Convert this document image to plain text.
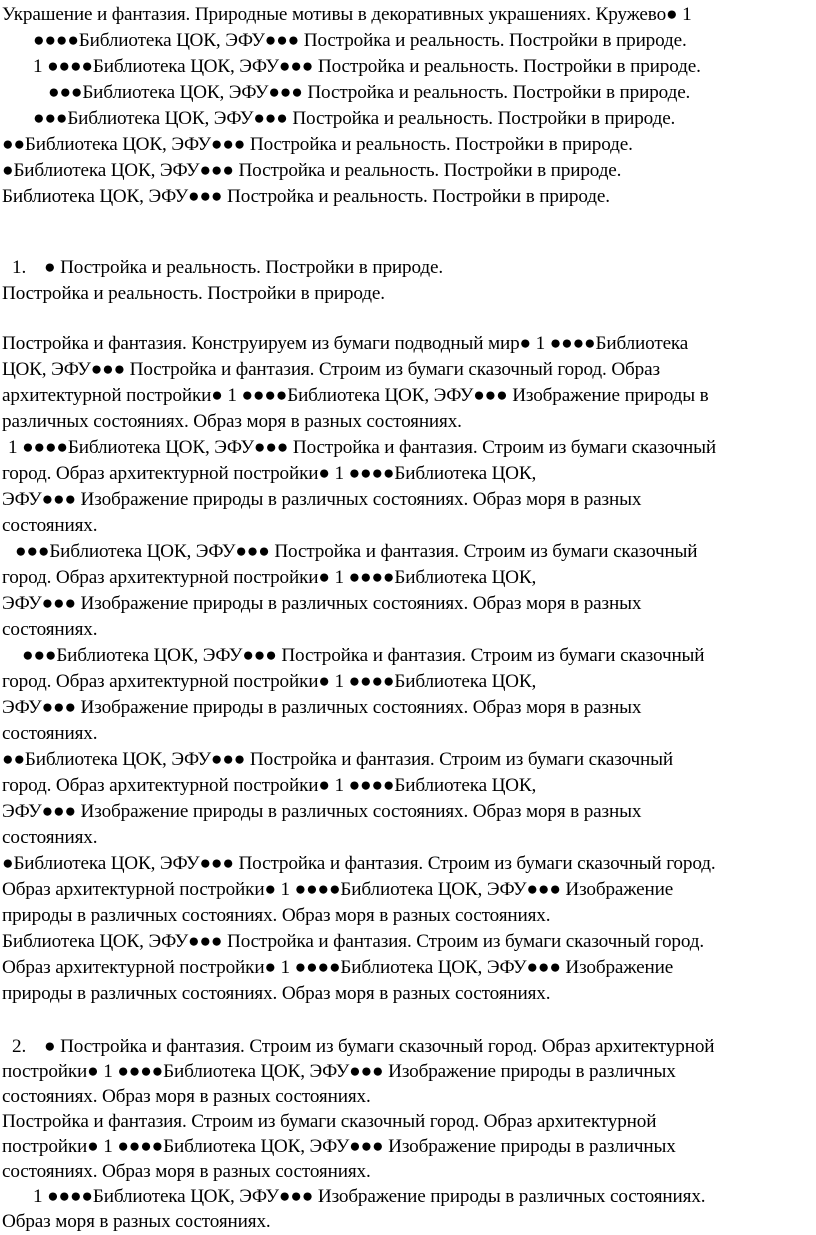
Украшение и фантазия. Природные мотивы в декоративных украшениях. Кружево● 1
●●●●Библиотека ЦОК, ЭФУ●●● Постройка и реальность. Постройки в природе.
1 ●●●●Библиотека ЦОК, ЭФУ●●● Постройка и реальность. Постройки в природе.
●●●Библиотека ЦОК, ЭФУ●●● Постройка и реальность. Постройки в природе.
●●●Библиотека ЦОК, ЭФУ●●● Постройка и реальность. Постройки в природе.
●●Библиотека ЦОК, ЭФУ●●● Постройка и реальность. Постройки в природе.
●Библиотека ЦОК, ЭФУ●●● Постройка и реальность. Постройки в природе.
Библиотека ЦОК, ЭФУ●●● Постройка и реальность. Постройки в природе.
1. ● Постройка и реальность. Постройки в природе.
Постройка и реальность. Постройки в природе.
Постройка и фантазия. Конструируем из бумаги подводный мир● 1 ●●●●Библиотека
ЦОК, ЭФУ●●● Постройка и фантазия. Строим из бумаги сказочный город. Образ
архитектурной постройки● 1 ●●●●Библиотека ЦОК, ЭФУ●●● Изображение природы в
различных состояниях. Образ моря в разных состояниях.
1 ●●●●Библиотека ЦОК, ЭФУ●●● Постройка и фантазия. Строим из бумаги сказочный
город. Образ архитектурной постройки● 1 ●●●●Библиотека ЦОК,
ЭФУ●●● Изображение природы в различных состояниях. Образ моря в разных
состояниях.
●●●Библиотека ЦОК, ЭФУ●●● Постройка и фантазия. Строим из бумаги сказочный
город. Образ архитектурной постройки● 1 ●●●●Библиотека ЦОК,
ЭФУ●●● Изображение природы в различных состояниях. Образ моря в разных
состояниях.
●●●Библиотека ЦОК, ЭФУ●●● Постройка и фантазия. Строим из бумаги сказочный
город. Образ архитектурной постройки● 1 ●●●●Библиотека ЦОК,
ЭФУ●●● Изображение природы в различных состояниях. Образ моря в разных
состояниях.
●●Библиотека ЦОК, ЭФУ●●● Постройка и фантазия. Строим из бумаги сказочный
город. Образ архитектурной постройки● 1 ●●●●Библиотека ЦОК,
ЭФУ●●● Изображение природы в различных состояниях. Образ моря в разных
состояниях.
●Библиотека ЦОК, ЭФУ●●● Постройка и фантазия. Строим из бумаги сказочный город.
Образ архитектурной постройки● 1 ●●●●Библиотека ЦОК, ЭФУ●●● Изображение
природы в различных состояниях. Образ моря в разных состояниях.
Библиотека ЦОК, ЭФУ●●● Постройка и фантазия. Строим из бумаги сказочный город.
Образ архитектурной постройки● 1 ●●●●Библиотека ЦОК, ЭФУ●●● Изображение
природы в различных состояниях. Образ моря в разных состояниях.
2. ● Постройка и фантазия. Строим из бумаги сказочный город. Образ архитектурной
постройки● 1 ●●●●Библиотека ЦОК, ЭФУ●●● Изображение природы в различных
состояниях. Образ моря в разных состояниях.
Постройка и фантазия. Строим из бумаги сказочный город. Образ архитектурной
постройки● 1 ●●●●Библиотека ЦОК, ЭФУ●●● Изображение природы в различных
состояниях. Образ моря в разных состояниях.
1 ●●●●Библиотека ЦОК, ЭФУ●●● Изображение природы в различных состояниях.
Образ моря в разных состояниях.
